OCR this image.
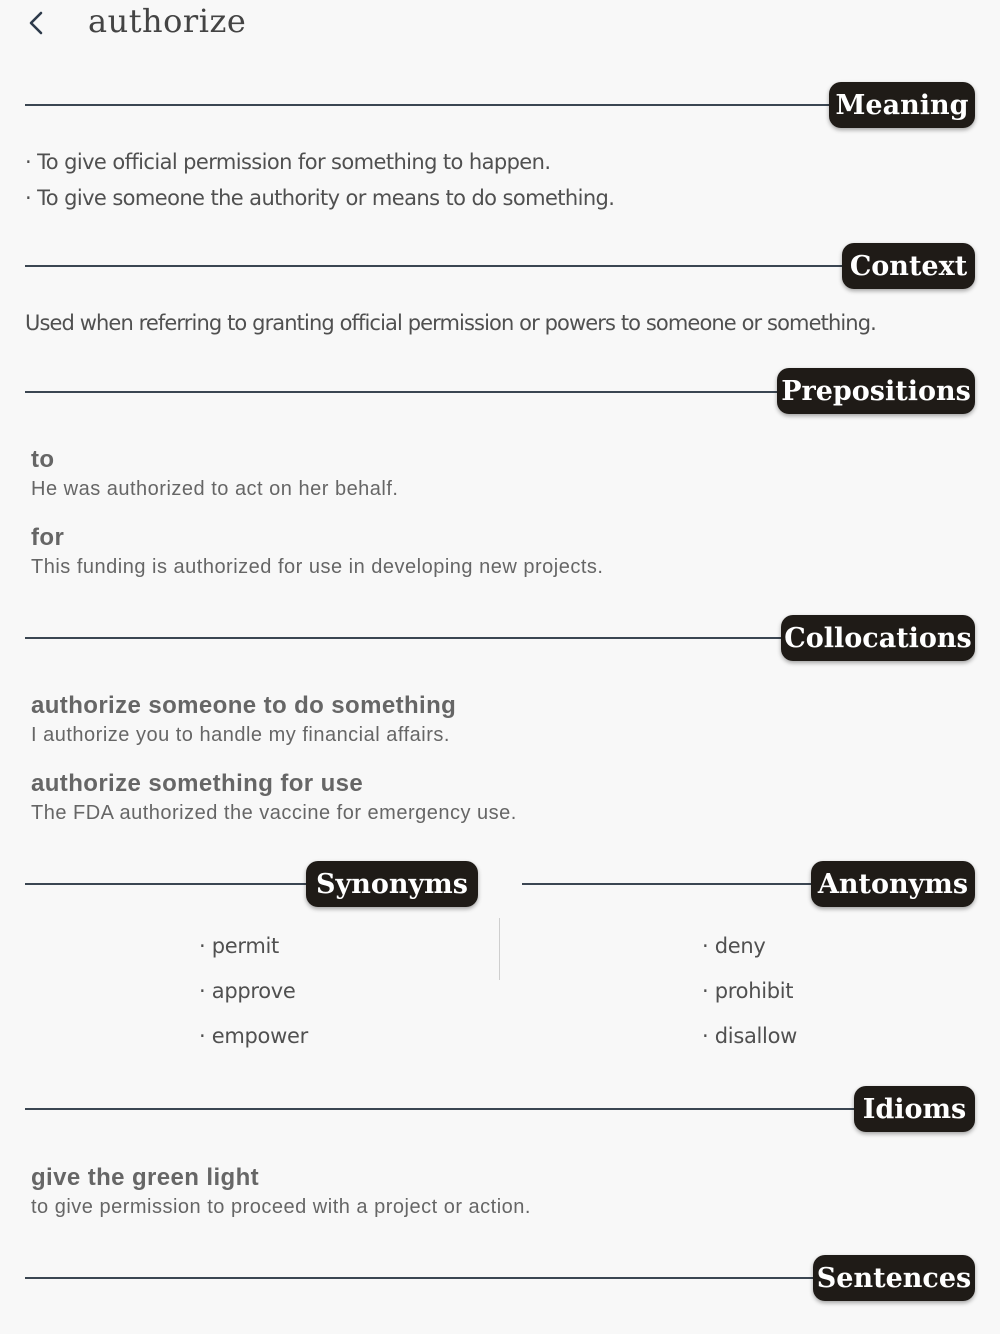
authorize
Meaning
· To give official permission for something to happen.
· To give someone the authority or means to do something.
Context
Used when referring to granting official permission or powers to someone or something.
Prepositions
to
He was authorized to act on her behalf.
for
This funding is authorized for use in developing new projects.
Collocations
authorize someone to do something
I authorize you to handle my financial affairs.
authorize something for use
The FDA authorized the vaccine for emergency use.
Synonyms	Antonyms
· permit
· approve
· empower
· deny
· prohibit
· disallow
Idioms
give the green light
to give permission to proceed with a project or action.
Sentences
